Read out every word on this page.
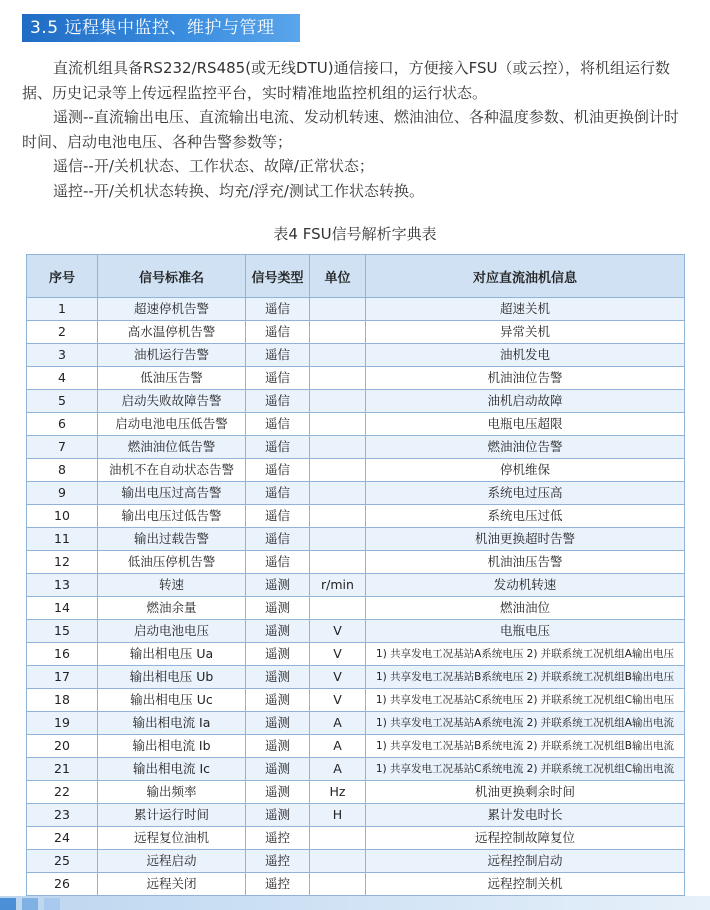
3.5 远程集中监控、维护与管理

直流机组具备RS232/RS485(或无线DTU)通信接口，方便接入FSU（或云控），将机组运行数据、历史记录等上传远程监控平台，实时精准地监控机组的运行状态。

遥测--直流输出电压、直流输出电流、发动机转速、燃油油位、各种温度参数、机油更换倒计时时间、启动电池电压、各种告警参数等；

遥信--开/关机状态、工作状态、故障/正常状态；

遥控--开/关机状态转换、均充/浮充/测试工作状态转换。

表4 FSU信号解析字典表
序号	信号标准名	信号类型	单位	对应直流油机信息
1	超速停机告警	遥信		超速关机
2	高水温停机告警	遥信		异常关机
3	油机运行告警	遥信		油机发电
4	低油压告警	遥信		机油油位告警
5	启动失败故障告警	遥信		油机启动故障
6	启动电池电压低告警	遥信		电瓶电压超限
7	燃油油位低告警	遥信		燃油油位告警
8	油机不在自动状态告警	遥信		停机维保
9	输出电压过高告警	遥信		系统电过压高
10	输出电压过低告警	遥信		系统电压过低
11	输出过载告警	遥信		机油更换超时告警
12	低油压停机告警	遥信		机油油压告警
13	转速	遥测	r/min	发动机转速
14	燃油余量	遥测		燃油油位
15	启动电池电压	遥测	V	电瓶电压
16	输出相电压 Ua	遥测	V	1) 共享发电工况基站A系统电压 2) 并联系统工况机组A输出电压
17	输出相电压 Ub	遥测	V	1) 共享发电工况基站B系统电压 2) 并联系统工况机组B输出电压
18	输出相电压 Uc	遥测	V	1) 共享发电工况基站C系统电压 2) 并联系统工况机组C输出电压
19	输出相电流 Ia	遥测	A	1) 共享发电工况基站A系统电流 2) 并联系统工况机组A输出电流
20	输出相电流 Ib	遥测	A	1) 共享发电工况基站B系统电流 2) 并联系统工况机组B输出电流
21	输出相电流 Ic	遥测	A	1) 共享发电工况基站C系统电流 2) 并联系统工况机组C输出电流
22	输出频率	遥测	Hz	机油更换剩余时间
23	累计运行时间	遥测	H	累计发电时长
24	远程复位油机	遥控		远程控制故障复位
25	远程启动	遥控		远程控制启动
26	远程关闭	遥控		远程控制关机
